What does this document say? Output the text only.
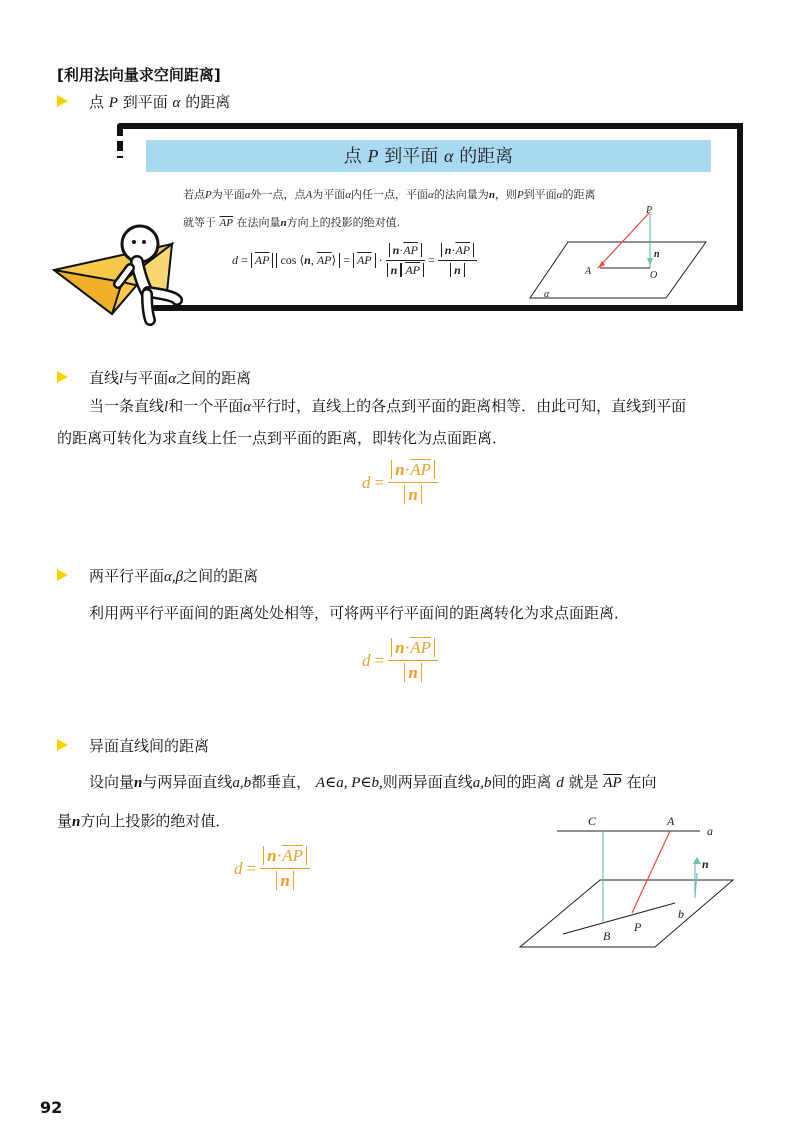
[利用法向量求空间距离]
点 P 到平面 α 的距离
点 P 到平面 α 的距离
若点P为平面α外一点，点A为平面α内任一点，平面α的法向量为n，则P到平面α的距离
就等于 $\overline{AP}$ 在法向量n方向上的投影的绝对值.
$d = \overline{AP}$ cos ⟨n, $\overline{AP}⟩ = \overline{AP} \cdot \frac{n\cdot\overline{AP}}{n \overline{AP}} = \frac{n\cdot\overline{AP}}{n}$
P
n
A	O
α
直线l与平面α之间的距离
当一条直线l和一个平面α平行时，直线上的各点到平面的距离相等．由此可知，直线到平面
的距离可转化为求直线上任一点到平面的距离，即转化为点面距离．
$d = \frac{n\cdot\overline{AP}}{n}$
两平行平面α,β之间的距离
利用两平行平面间的距离处处相等，可将两平行平面间的距离转化为求点面距离．
$d = \frac{n\cdot\overline{AP}}{n}$
异面直线间的距离
设向量n与两异面直线a,b都垂直， A∈a, P∈b,则两异面直线a,b间的距离 d 就是 $\overline{AP}$ 在向
量n方向上投影的绝对值．
$d = \frac{n\cdot\overline{AP}}{n}$
C	A
a
n
b
B
P
92
